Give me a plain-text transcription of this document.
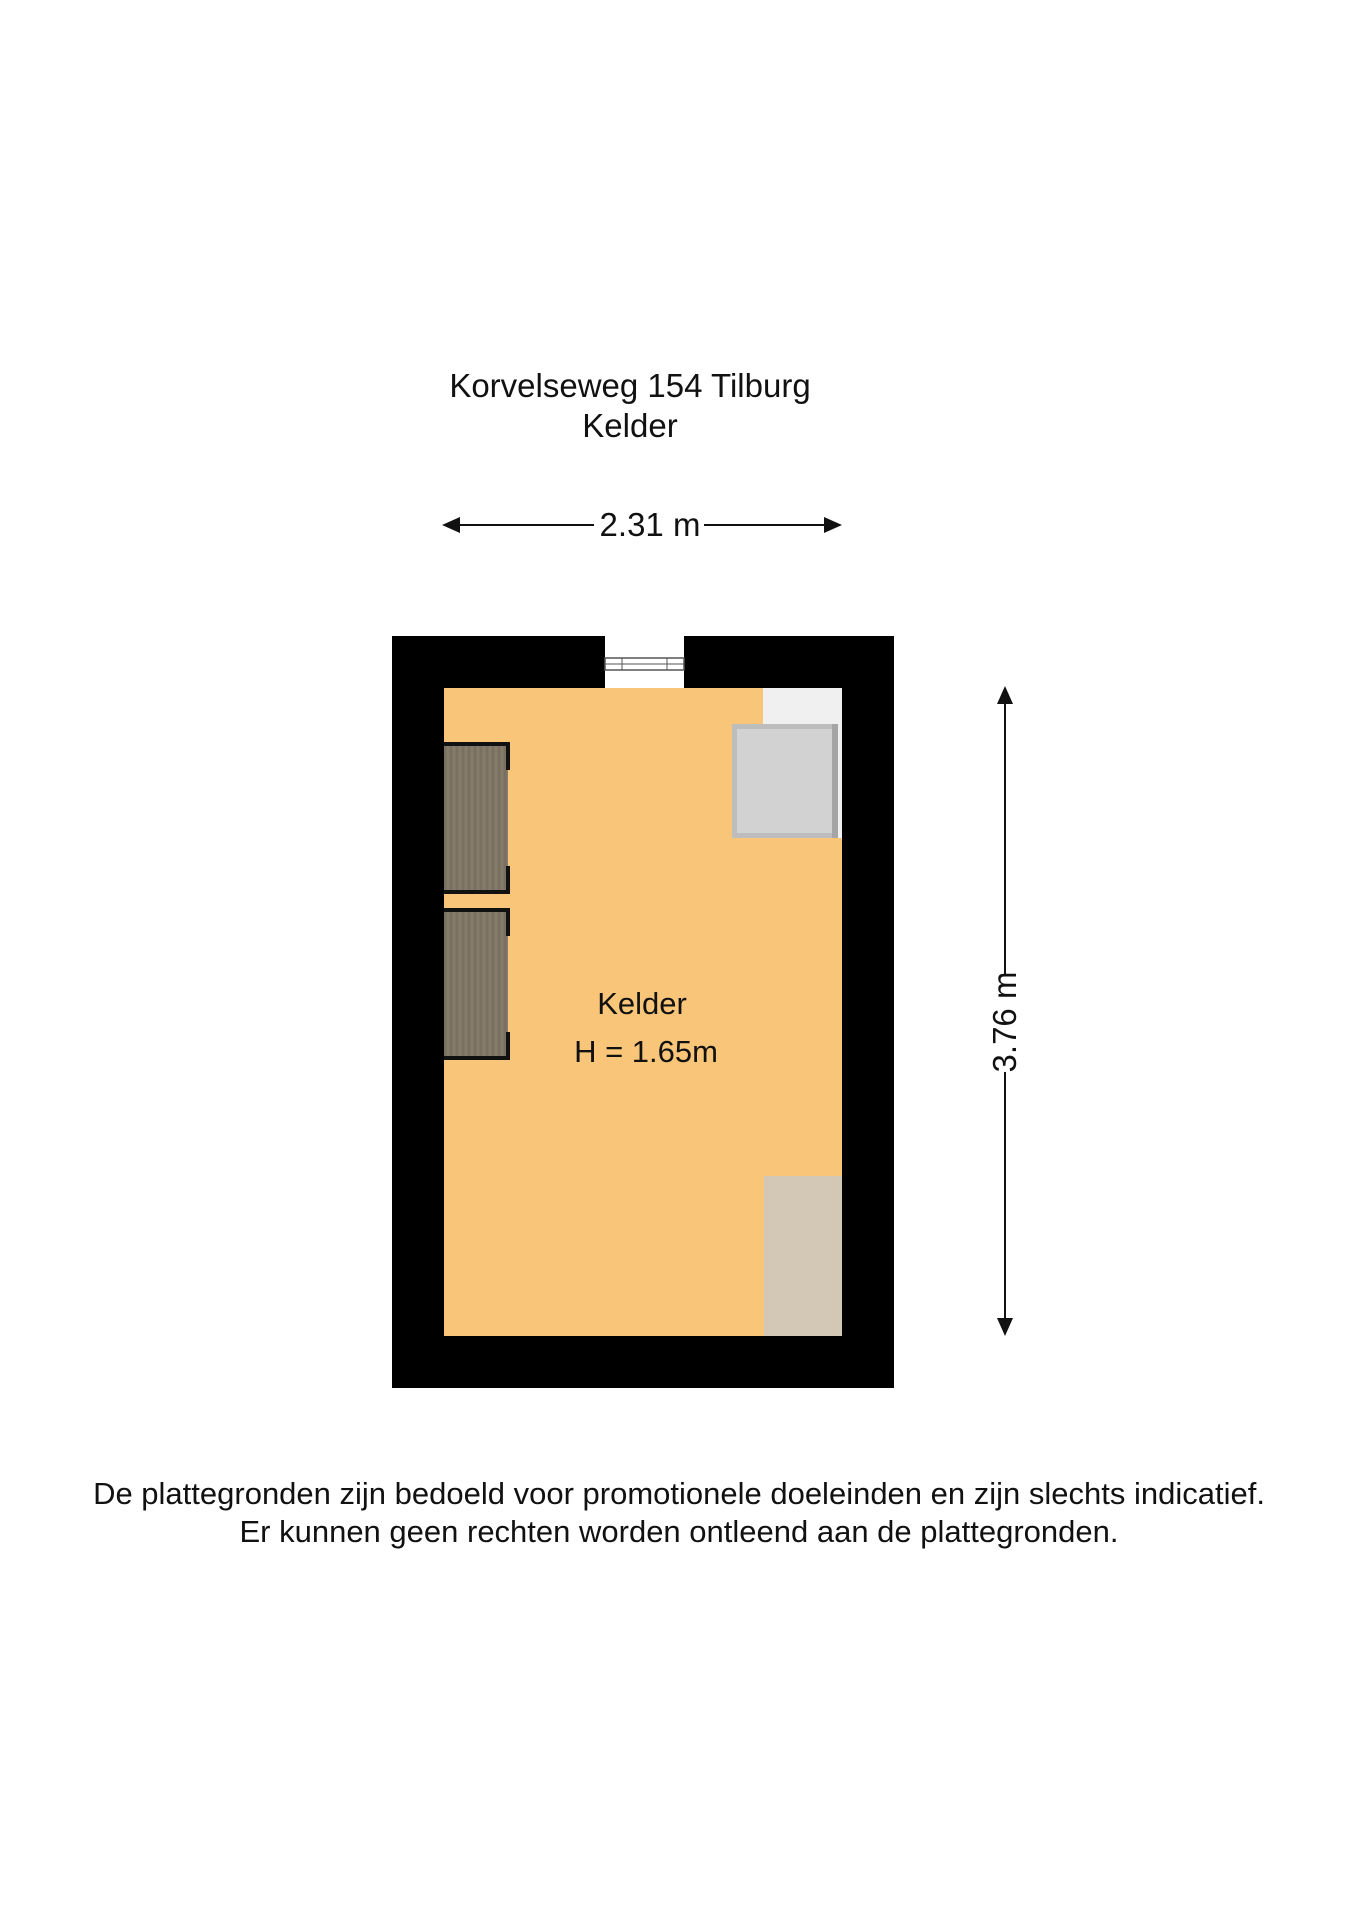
Korvelseweg 154 Tilburg
Kelder
2.31 m
3.76 m
Kelder
H = 1.65m
De plattegronden zijn bedoeld voor promotionele doeleinden en zijn slechts indicatief.
Er kunnen geen rechten worden ontleend aan de plattegronden.
